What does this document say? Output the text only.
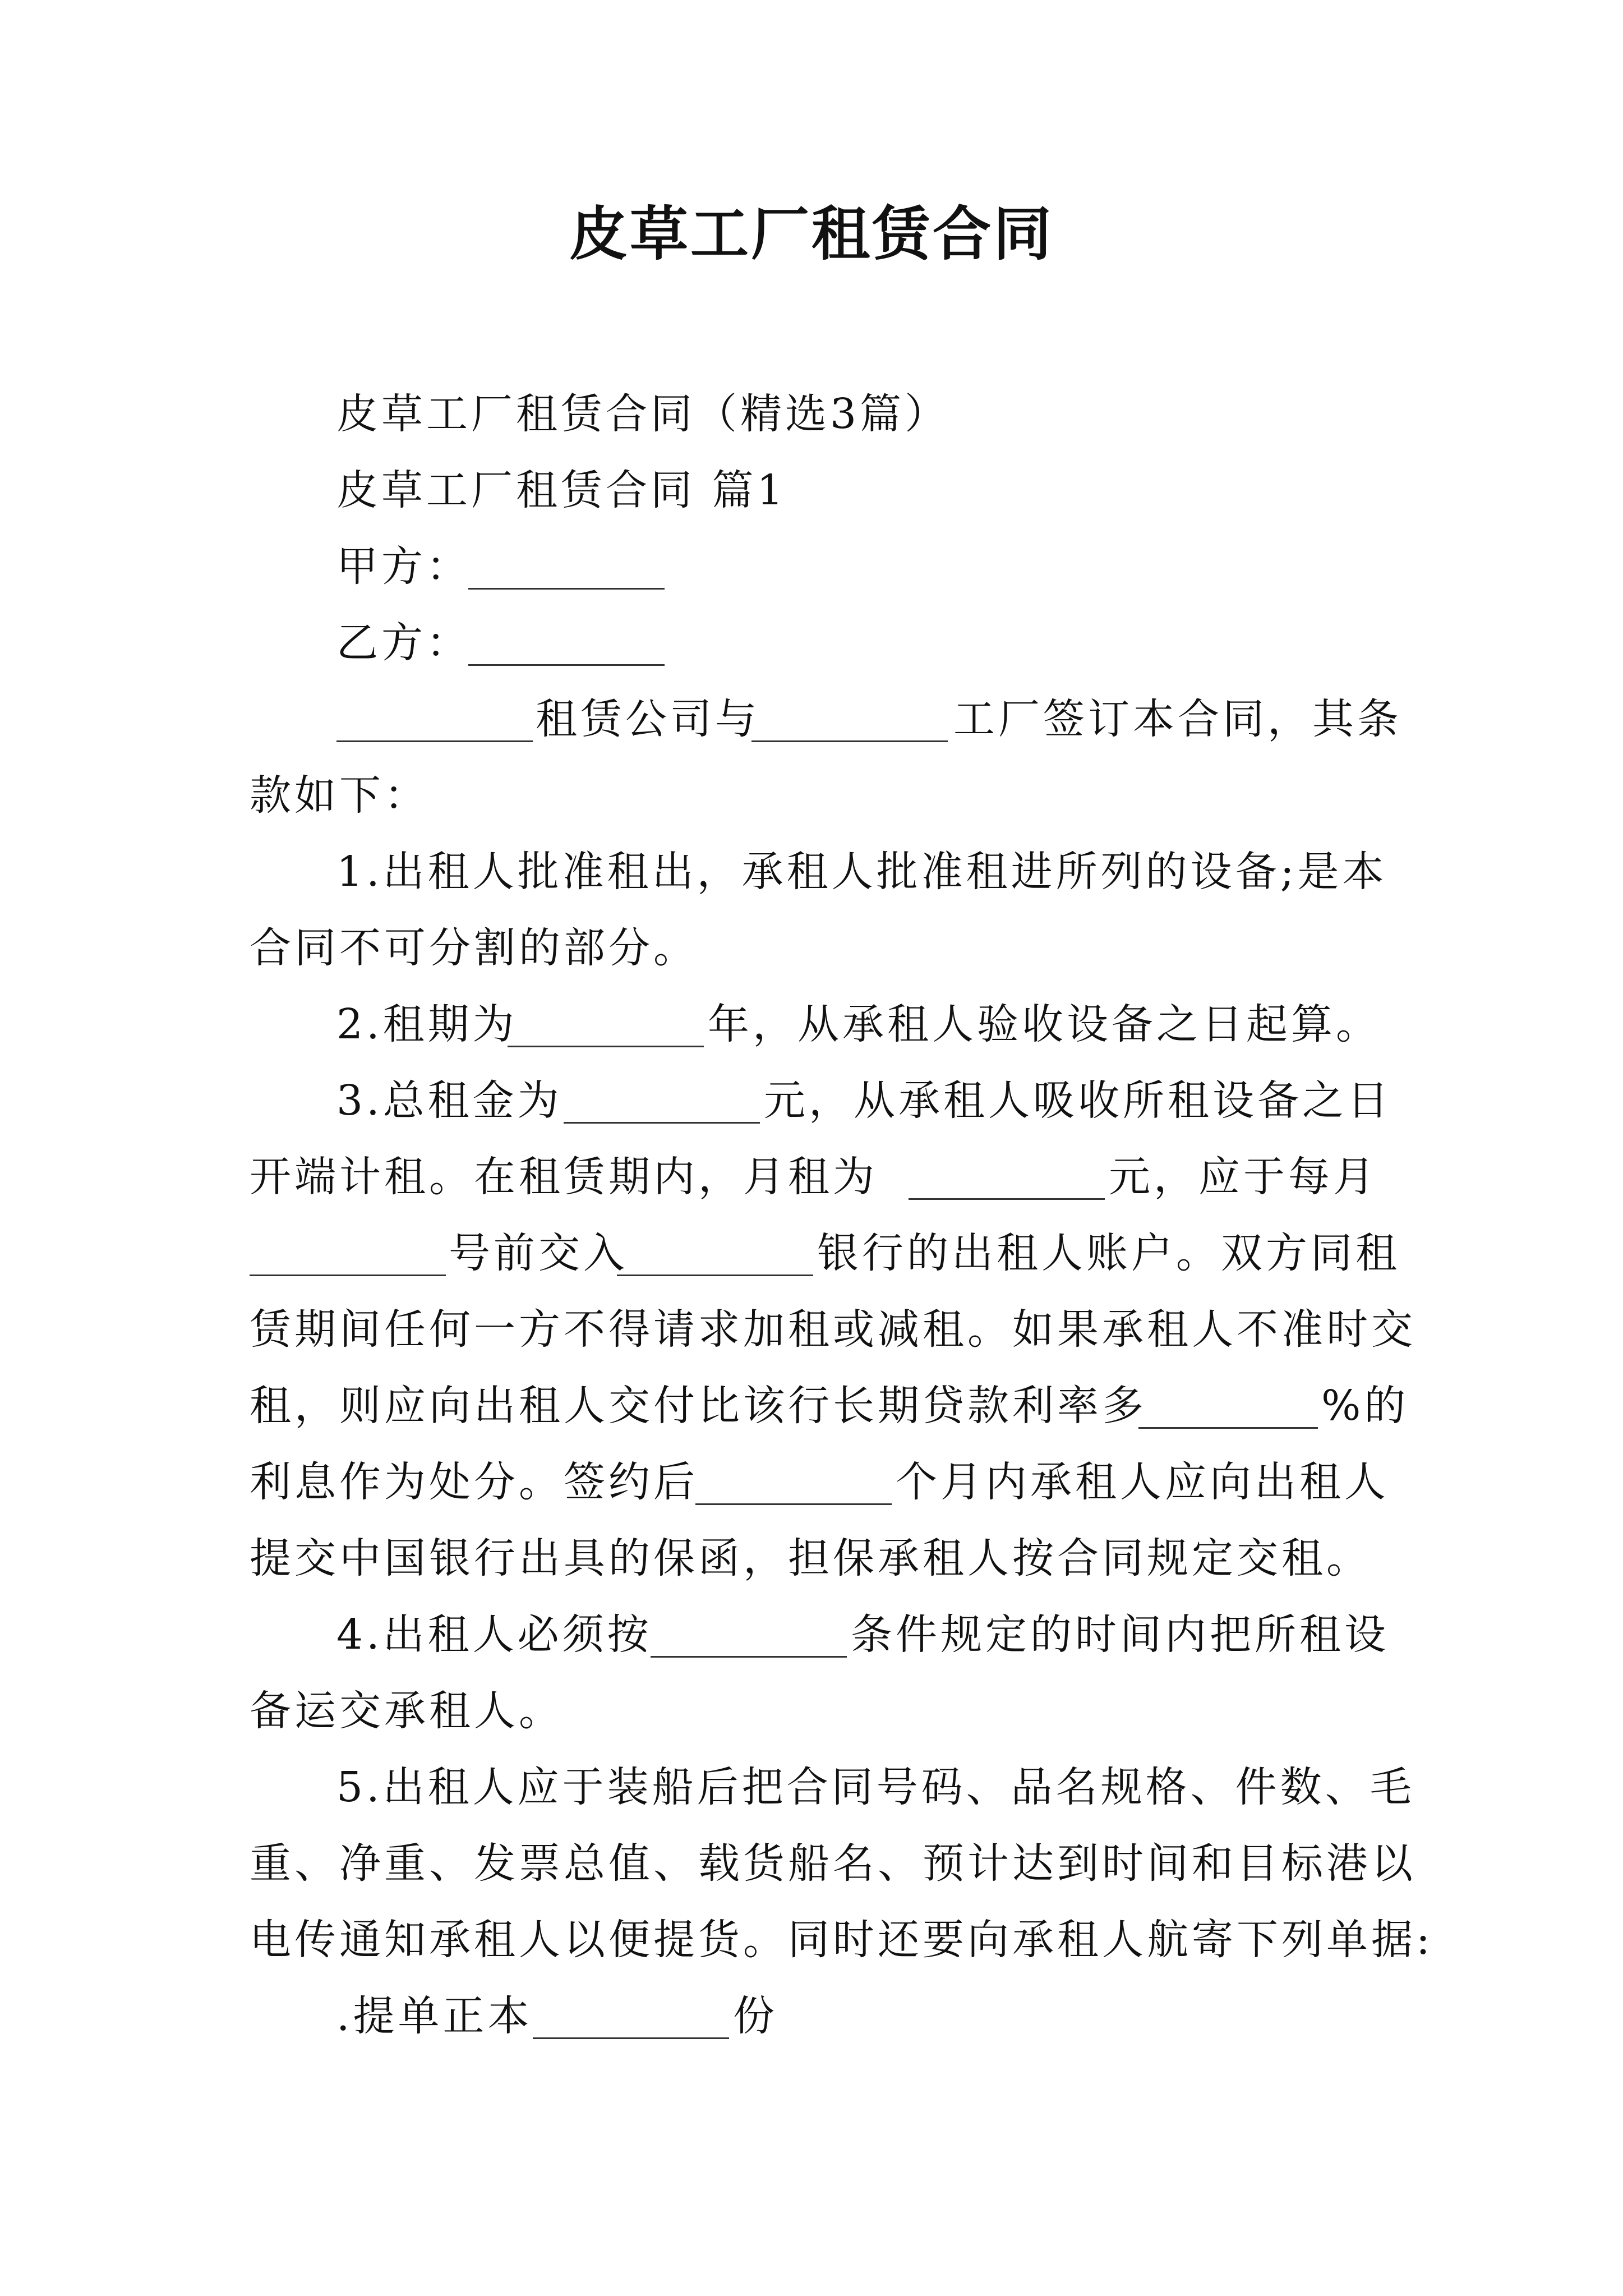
皮草工厂租赁合同
皮草工厂租赁合同（精选3篇）
皮草工厂租赁合同 篇1
甲方：
乙方：
租赁公司与	工厂签订本合同，其条
款如下：
1.出租人批准租出，承租人批准租进所列的设备;是本
合同不可分割的部分。
2.租期为	年，从承租人验收设备之日起算。
3.总租金为	元，从承租人吸收所租设备之日
开端计租。在租赁期内，月租为	元，应于每月
号前交入	银行的出租人账户。双方同租
赁期间任何一方不得请求加租或减租。如果承租人不准时交
租，则应向出租人交付比该行长期贷款利率多	%的
利息作为处分。签约后	个月内承租人应向出租人
提交中国银行出具的保函，担保承租人按合同规定交租。
4.出租人必须按	条件规定的时间内把所租设
备运交承租人。
5.出租人应于装船后把合同号码、品名规格、件数、毛
重、净重、发票总值、载货船名、预计达到时间和目标港以
电传通知承租人以便提货。同时还要向承租人航寄下列单据:
.提单正本	份
